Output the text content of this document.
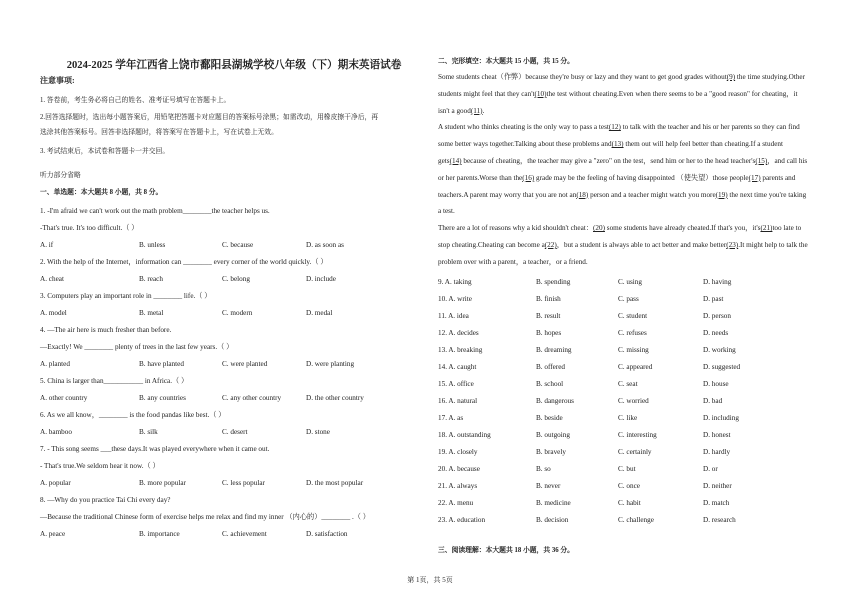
2024-2025 学年江西省上饶市鄱阳县湖城学校八年级（下）期末英语试卷
注意事项:
1. 答卷前，考生务必将自己的姓名、准考证号填写在答题卡上。
2.回答选择题时，选出每小题答案后，用铅笔把答题卡对应题目的答案标号涂黑；如需改动，用橡皮擦干净后，再
选涂其他答案标号。回答非选择题时，将答案写在答题卡上，写在试卷上无效。
3. 考试结束后，本试卷和答题卡一并交回。
听力部分省略
一、单选题：本大题共 8 小题，共 8 分。
1. -I'm afraid we can't work out the math problem________the teacher helps us.
-That's true. It's too difficult.（ ）
A. if	B. unless	C. because	D. as soon as
2. With the help of the Internet，information can ________ every corner of the world quickly.（ ）
A. cheat	B. reach	C. belong	D. include
3. Computers play an important role in ________ life.（ ）
A. model	B. metal	C. modern	D. medal
4. —The air here is much fresher than before.
—Exactly! We ________ plenty of trees in the last few years.（ ）
A. planted	B. have planted	C. were planted	D. were planting
5. China is larger than___________ in Africa.（ ）
A. other country	B. any countries	C. any other country	D. the other country
6. As we all know，________ is the food pandas like best.（ ）
A. bamboo	B. silk	C. desert	D. stone
7. - This song seems ___these days.It was played everywhere when it came out.
- That's true.We seldom hear it now.（ ）
A. popular	B. more popular	C. less popular	D. the most popular
8. —Why do you practice Tai Chi every day?
—Because the traditional Chinese form of exercise helps me relax and find my inner （内心的）________ .（ ）
A. peace	B. importance	C. achievement	D. satisfaction
二、完形填空：本大题共 15 小题，共 15 分。
Some students cheat（作弊）because they're busy or lazy and they want to get good grades without(9) the time studying.Other
students might feel that they can't(10)the test without cheating.Even when there seems to be a "good reason" for cheating，it
isn't a good(11).
A student who thinks cheating is the only way to pass a test(12) to talk with the teacher and his or her parents so they can find
some better ways together.Talking about these problems and(13) them out will help feel better than cheating.If a student
gets(14) because of cheating，the teacher may give a "zero" on the test，send him or her to the head teacher's(15)，and call his
or her parents.Worse than the(16) grade may be the feeling of having disappointed （使失望）those people(17) parents and
teachers.A parent may worry that you are not an(18) person and a teacher might watch you more(19) the next time you're taking
a test.
There are a lot of reasons why a kid shouldn't cheat：(20) some students have already cheated.If that's you，it's(21)too late to
stop cheating.Cheating can become a(22)，but a student is always able to act better and make better(23).It might help to talk the
problem over with a parent，a teacher，or a friend.
9. A. taking	B. spending	C. using	D. having
10. A. write	B. finish	C. pass	D. past
11. A. idea	B. result	C. student	D. person
12. A. decides	B. hopes	C. refuses	D. needs
13. A. breaking	B. dreaming	C. missing	D. working
14. A. caught	B. offered	C. appeared	D. suggested
15. A. office	B. school	C. seat	D. house
16. A. natural	B. dangerous	C. worried	D. bad
17. A. as	B. beside	C. like	D. including
18. A. outstanding	B. outgoing	C. interesting	D. honest
19. A. closely	B. bravely	C. certainly	D. hardly
20. A. because	B. so	C. but	D. or
21. A. always	B. never	C. once	D. neither
22. A. menu	B. medicine	C. habit	D. match
23. A. education	B. decision	C. challenge	D. research
三、阅读理解：本大题共 18 小题，共 36 分。
第 1页，共 5页
